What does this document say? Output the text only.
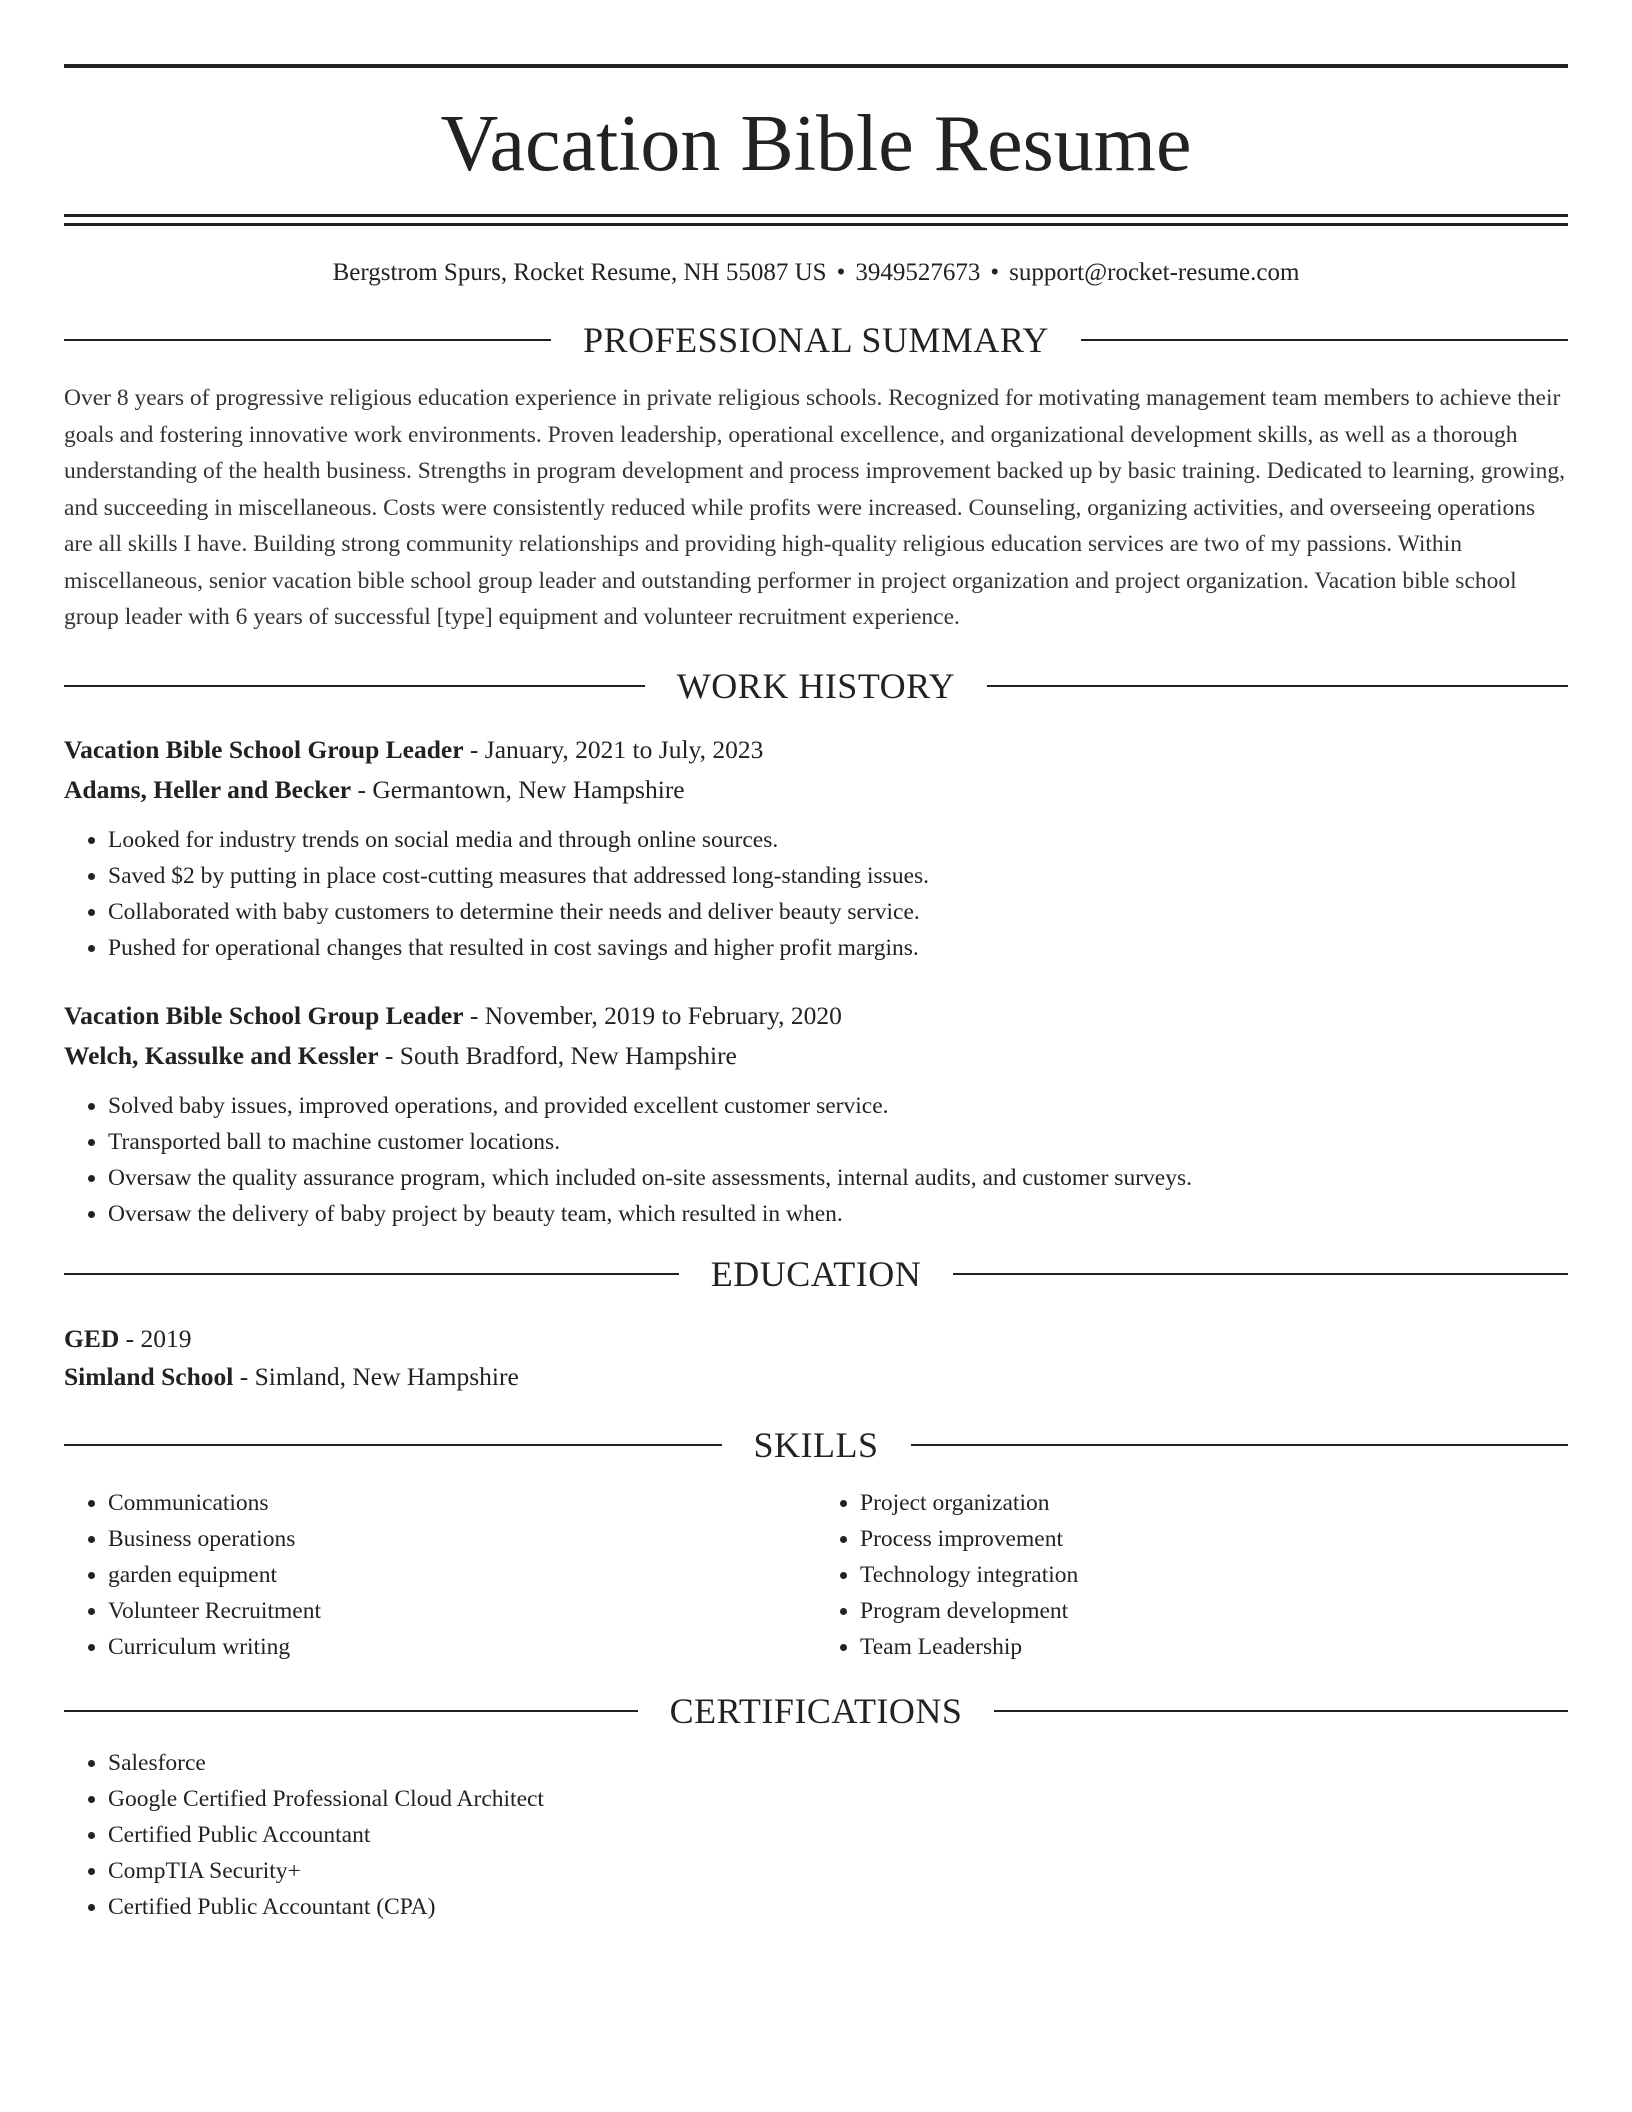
Vacation Bible Resume
Bergstrom Spurs, Rocket Resume, NH 55087 US • 3949527673 • support@rocket-resume.com
PROFESSIONAL SUMMARY
Over 8 years of progressive religious education experience in private religious schools. Recognized for motivating management team members to achieve their goals and fostering innovative work environments. Proven leadership, operational excellence, and organizational development skills, as well as a thorough understanding of the health business. Strengths in program development and process improvement backed up by basic training. Dedicated to learning, growing, and succeeding in miscellaneous. Costs were consistently reduced while profits were increased. Counseling, organizing activities, and overseeing operations are all skills I have. Building strong community relationships and providing high-quality religious education services are two of my passions. Within miscellaneous, senior vacation bible school group leader and outstanding performer in project organization and project organization. Vacation bible school group leader with 6 years of successful [type] equipment and volunteer recruitment experience.
WORK HISTORY
Vacation Bible School Group Leader - January, 2021 to July, 2023
Adams, Heller and Becker - Germantown, New Hampshire
• Looked for industry trends on social media and through online sources.
• Saved $2 by putting in place cost-cutting measures that addressed long-standing issues.
• Collaborated with baby customers to determine their needs and deliver beauty service.
• Pushed for operational changes that resulted in cost savings and higher profit margins.
Vacation Bible School Group Leader - November, 2019 to February, 2020
Welch, Kassulke and Kessler - South Bradford, New Hampshire
• Solved baby issues, improved operations, and provided excellent customer service.
• Transported ball to machine customer locations.
• Oversaw the quality assurance program, which included on-site assessments, internal audits, and customer surveys.
• Oversaw the delivery of baby project by beauty team, which resulted in when.
EDUCATION
GED - 2019
Simland School - Simland, New Hampshire
SKILLS
• Communications
• Business operations
• garden equipment
• Volunteer Recruitment
• Curriculum writing
• Project organization
• Process improvement
• Technology integration
• Program development
• Team Leadership
CERTIFICATIONS
• Salesforce
• Google Certified Professional Cloud Architect
• Certified Public Accountant
• CompTIA Security+
• Certified Public Accountant (CPA)
